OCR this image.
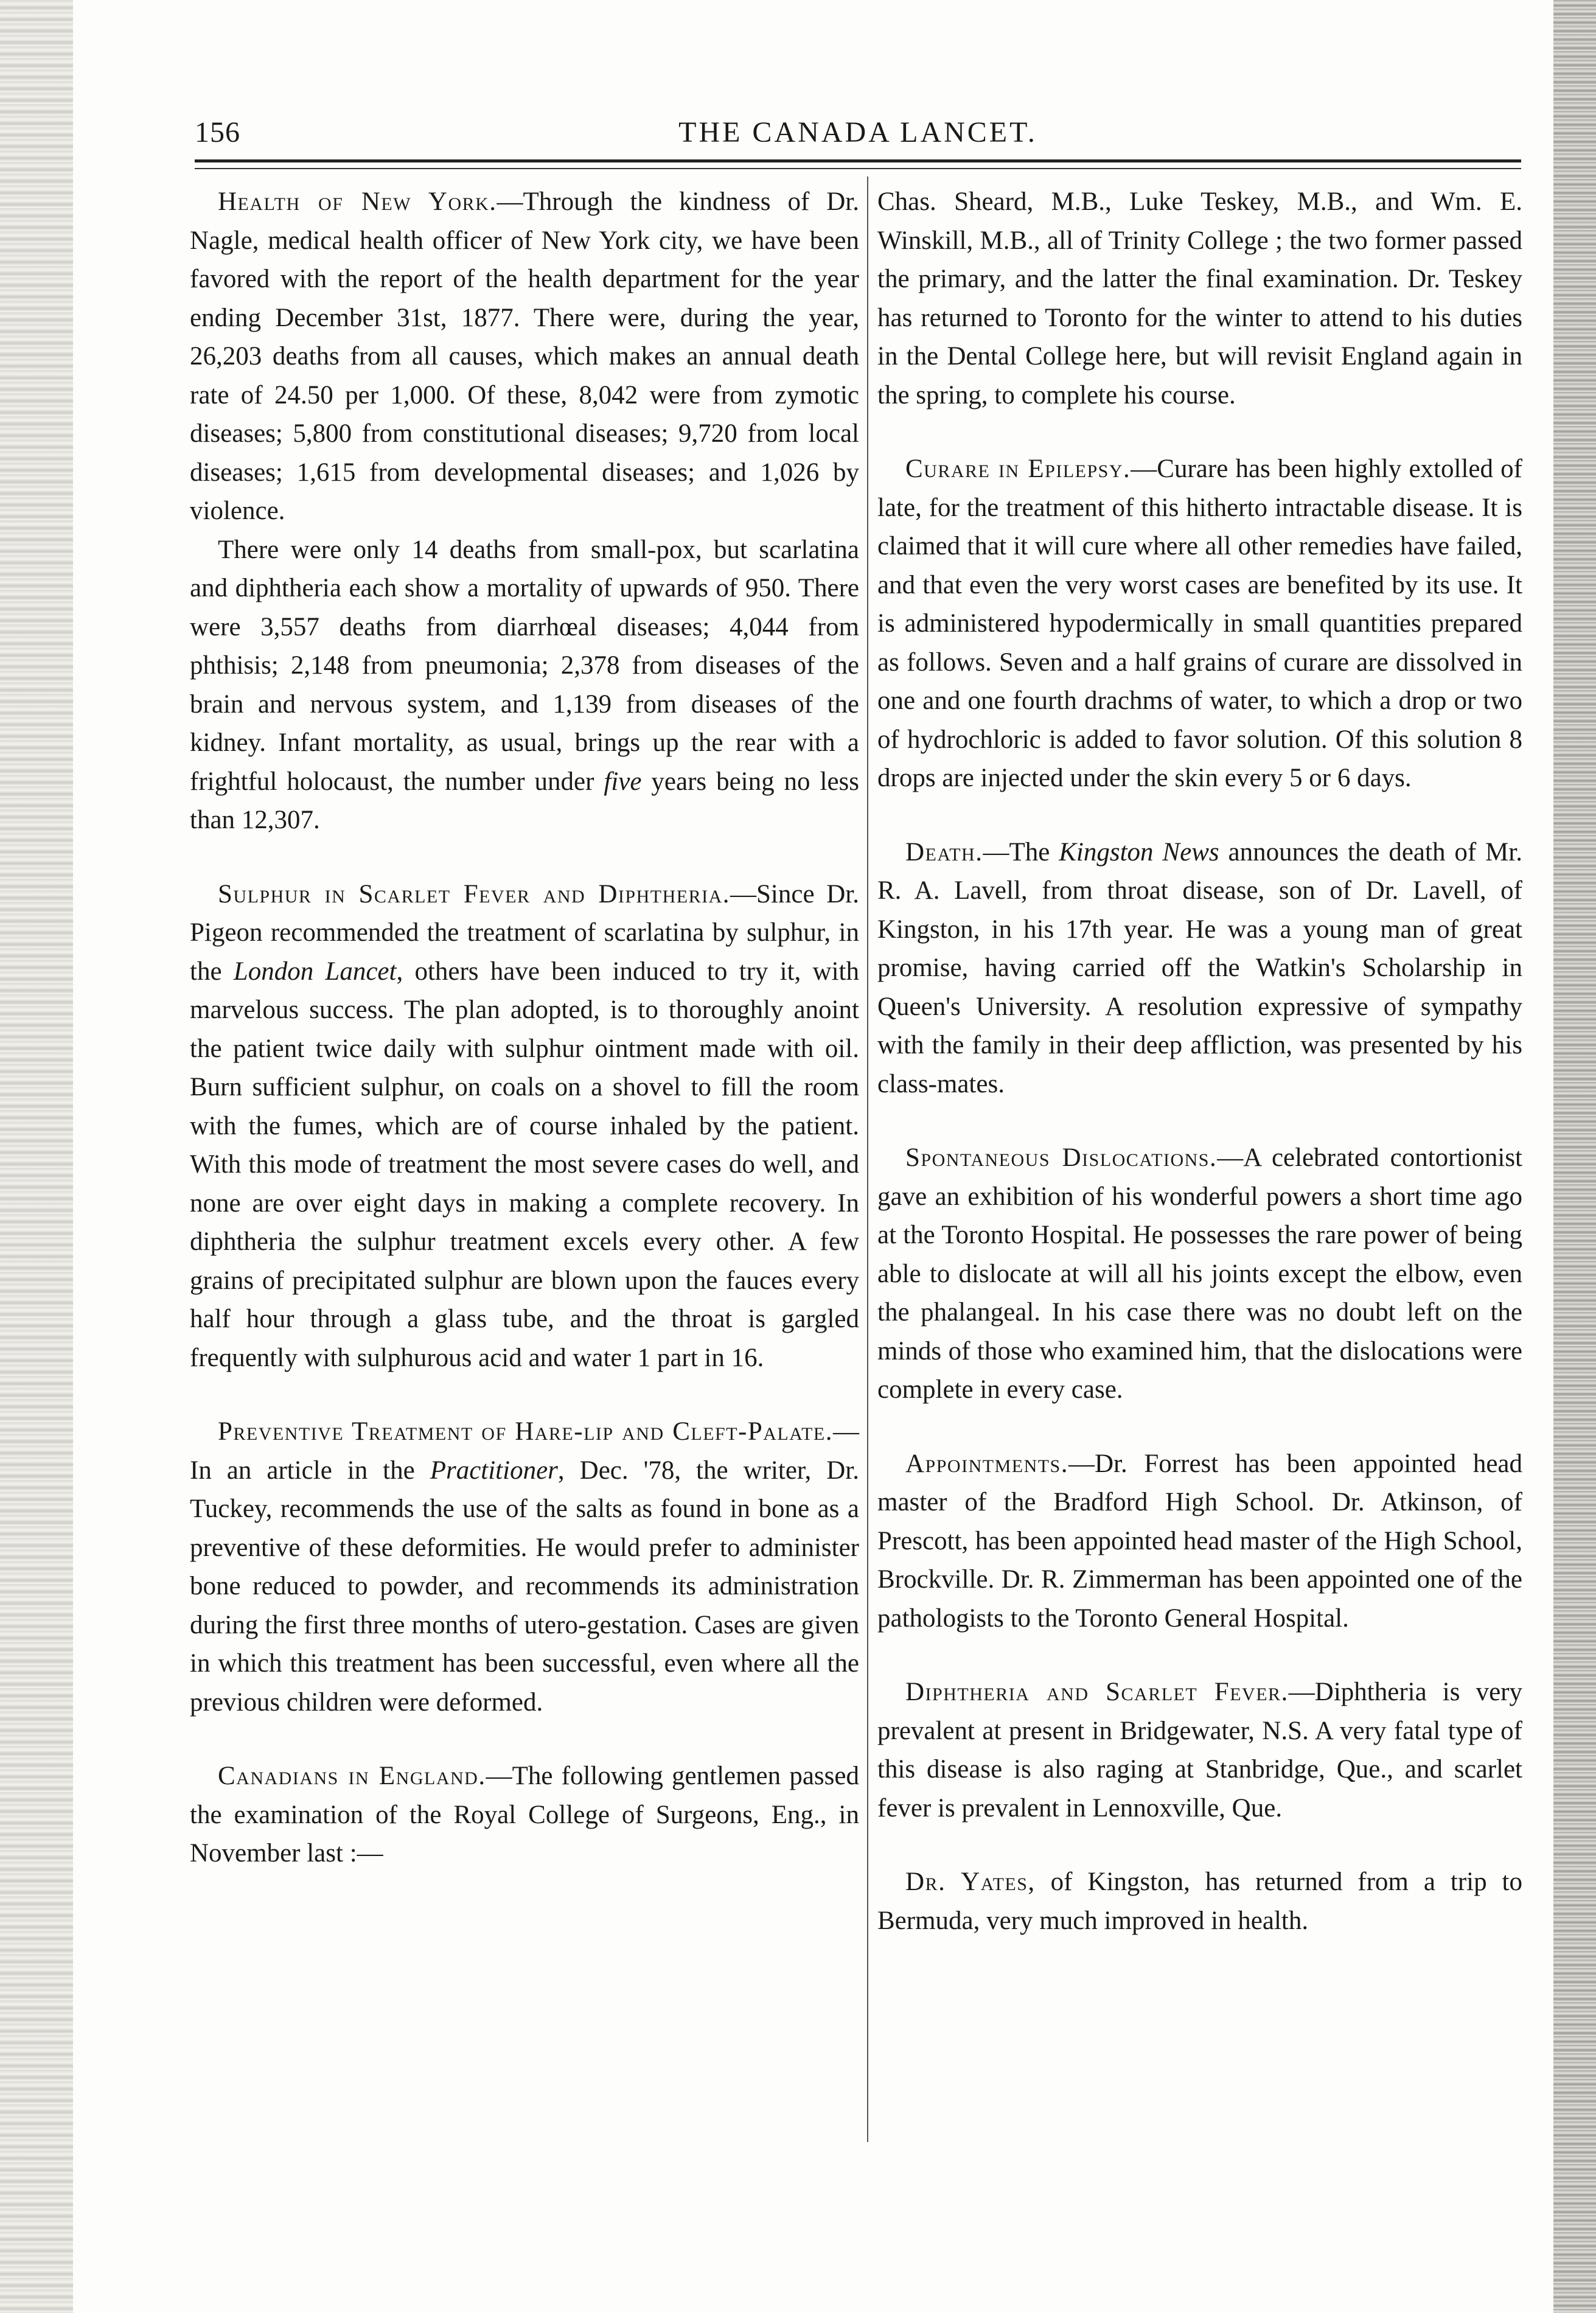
156	THE CANADA LANCET.

Health of New York.—Through the kindness of Dr. Nagle, medical health officer of New York city, we have been favored with the report of the health department for the year ending December 31st, 1877. There were, during the year, 26,203 deaths from all causes, which makes an annual death rate of 24.50 per 1,000. Of these, 8,042 were from zymotic diseases; 5,800 from constitutional diseases; 9,720 from local diseases; 1,615 from developmental diseases; and 1,026 by violence.

There were only 14 deaths from small-pox, but scarlatina and diphtheria each show a mortality of upwards of 950. There were 3,557 deaths from diarrhœal diseases; 4,044 from phthisis; 2,148 from pneumonia; 2,378 from diseases of the brain and nervous system, and 1,139 from diseases of the kidney. Infant mortality, as usual, brings up the rear with a frightful holocaust, the number under five years being no less than 12,307.

Sulphur in Scarlet Fever and Diphtheria.—Since Dr. Pigeon recommended the treatment of scarlatina by sulphur, in the London Lancet, others have been induced to try it, with marvelous success. The plan adopted, is to thoroughly anoint the patient twice daily with sulphur ointment made with oil. Burn sufficient sulphur, on coals on a shovel to fill the room with the fumes, which are of course inhaled by the patient. With this mode of treatment the most severe cases do well, and none are over eight days in making a complete recovery. In diphtheria the sulphur treatment excels every other. A few grains of precipitated sulphur are blown upon the fauces every half hour through a glass tube, and the throat is gargled frequently with sulphurous acid and water 1 part in 16.

Preventive Treatment of Hare-lip and Cleft-Palate.—In an article in the Practitioner, Dec. '78, the writer, Dr. Tuckey, recommends the use of the salts as found in bone as a preventive of these deformities. He would prefer to administer bone reduced to powder, and recommends its administration during the first three months of utero-gestation. Cases are given in which this treatment has been successful, even where all the previous children were deformed.

Canadians in England.—The following gentlemen passed the examination of the Royal College of Surgeons, Eng., in November last :—

Chas. Sheard, M.B., Luke Teskey, M.B., and Wm. E. Winskill, M.B., all of Trinity College ; the two former passed the primary, and the latter the final examination. Dr. Teskey has returned to Toronto for the winter to attend to his duties in the Dental College here, but will revisit England again in the spring, to complete his course.

Curare in Epilepsy.—Curare has been highly extolled of late, for the treatment of this hitherto intractable disease. It is claimed that it will cure where all other remedies have failed, and that even the very worst cases are benefited by its use. It is administered hypodermically in small quantities prepared as follows. Seven and a half grains of curare are dissolved in one and one fourth drachms of water, to which a drop or two of hydrochloric is added to favor solution. Of this solution 8 drops are injected under the skin every 5 or 6 days.

Death.—The Kingston News announces the death of Mr. R. A. Lavell, from throat disease, son of Dr. Lavell, of Kingston, in his 17th year. He was a young man of great promise, having carried off the Watkin's Scholarship in Queen's University. A resolution expressive of sympathy with the family in their deep affliction, was presented by his class-mates.

Spontaneous Dislocations.—A celebrated contortionist gave an exhibition of his wonderful powers a short time ago at the Toronto Hospital. He possesses the rare power of being able to dislocate at will all his joints except the elbow, even the phalangeal. In his case there was no doubt left on the minds of those who examined him, that the dislocations were complete in every case.

Appointments.—Dr. Forrest has been appointed head master of the Bradford High School. Dr. Atkinson, of Prescott, has been appointed head master of the High School, Brockville. Dr. R. Zimmerman has been appointed one of the pathologists to the Toronto General Hospital.

Diphtheria and Scarlet Fever.—Diphtheria is very prevalent at present in Bridgewater, N.S. A very fatal type of this disease is also raging at Stanbridge, Que., and scarlet fever is prevalent in Lennoxville, Que.

Dr. Yates, of Kingston, has returned from a trip to Bermuda, very much improved in health.
